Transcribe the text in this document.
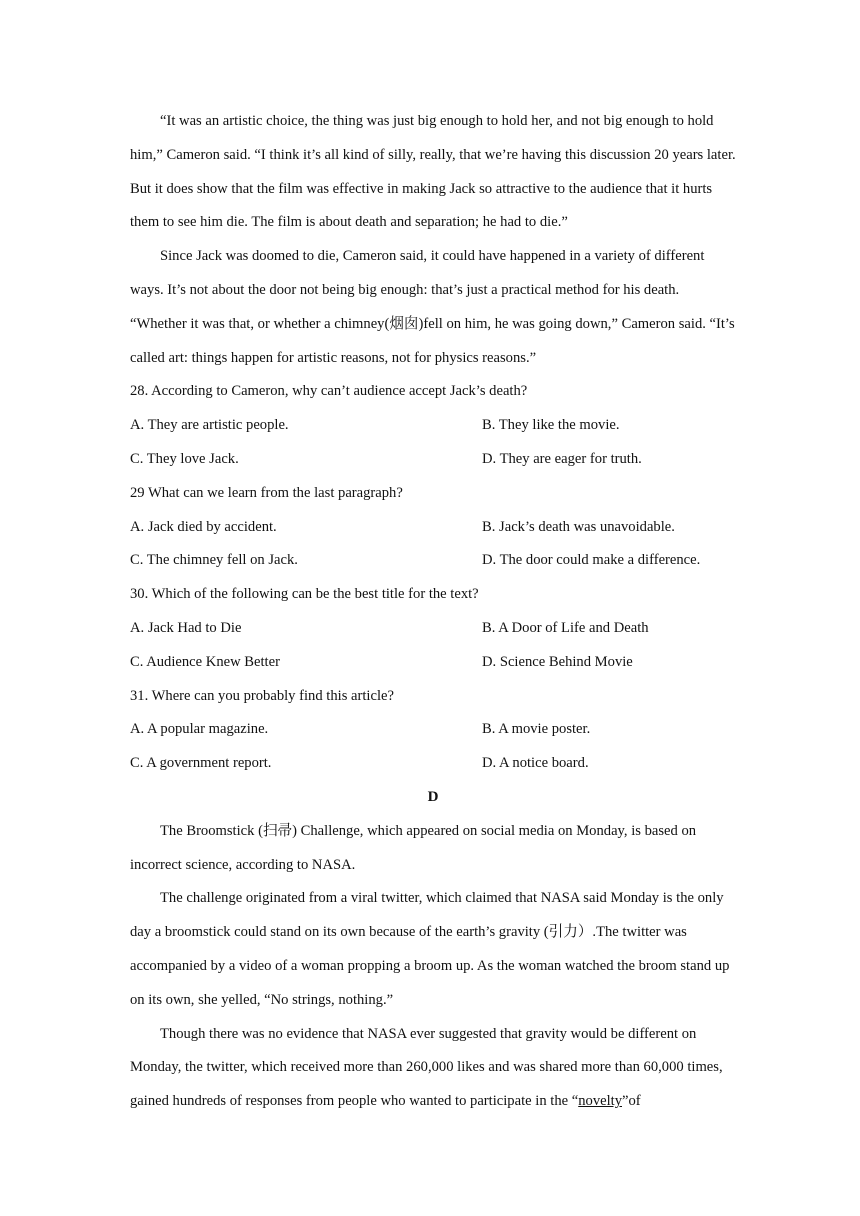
“It was an artistic choice, the thing was just big enough to hold her, and not big enough to hold him,” Cameron said. “I think it’s all kind of silly, really, that we’re having this discussion 20 years later. But it does show that the film was effective in making Jack so attractive to the audience that it hurts them to see him die. The film is about death and separation; he had to die.”

Since Jack was doomed to die, Cameron said, it could have happened in a variety of different ways. It’s not about the door not being big enough: that’s just a practical method for his death. “Whether it was that, or whether a chimney(烟囱)fell on him, he was going down,” Cameron said. “It’s called art: things happen for artistic reasons, not for physics reasons.”

28. According to Cameron, why can’t audience accept Jack’s death?

A. They are artistic people.	B. They like the movie.
C. They love Jack.	D. They are eager for truth.

29 What can we learn from the last paragraph?

A. Jack died by accident.	B. Jack’s death was unavoidable.
C. The chimney fell on Jack.	D. The door could make a difference.

30. Which of the following can be the best title for the text?

A. Jack Had to Die	B. A Door of Life and Death
C. Audience Knew Better	D. Science Behind Movie

31. Where can you probably find this article?

A. A popular magazine.	B. A movie poster.
C. A government report.	D. A notice board.
D

The Broomstick (扫帚) Challenge, which appeared on social media on Monday, is based on incorrect science, according to NASA.

The challenge originated from a viral twitter, which claimed that NASA said Monday is the only day a broomstick could stand on its own because of the earth’s gravity (引力）.The twitter was accompanied by a video of a woman propping a broom up. As the woman watched the broom stand up on its own, she yelled, “No strings, nothing.”

Though there was no evidence that NASA ever suggested that gravity would be different on Monday, the twitter, which received more than 260,000 likes and was shared more than 60,000 times, gained hundreds of responses from people who wanted to participate in the “novelty”of
